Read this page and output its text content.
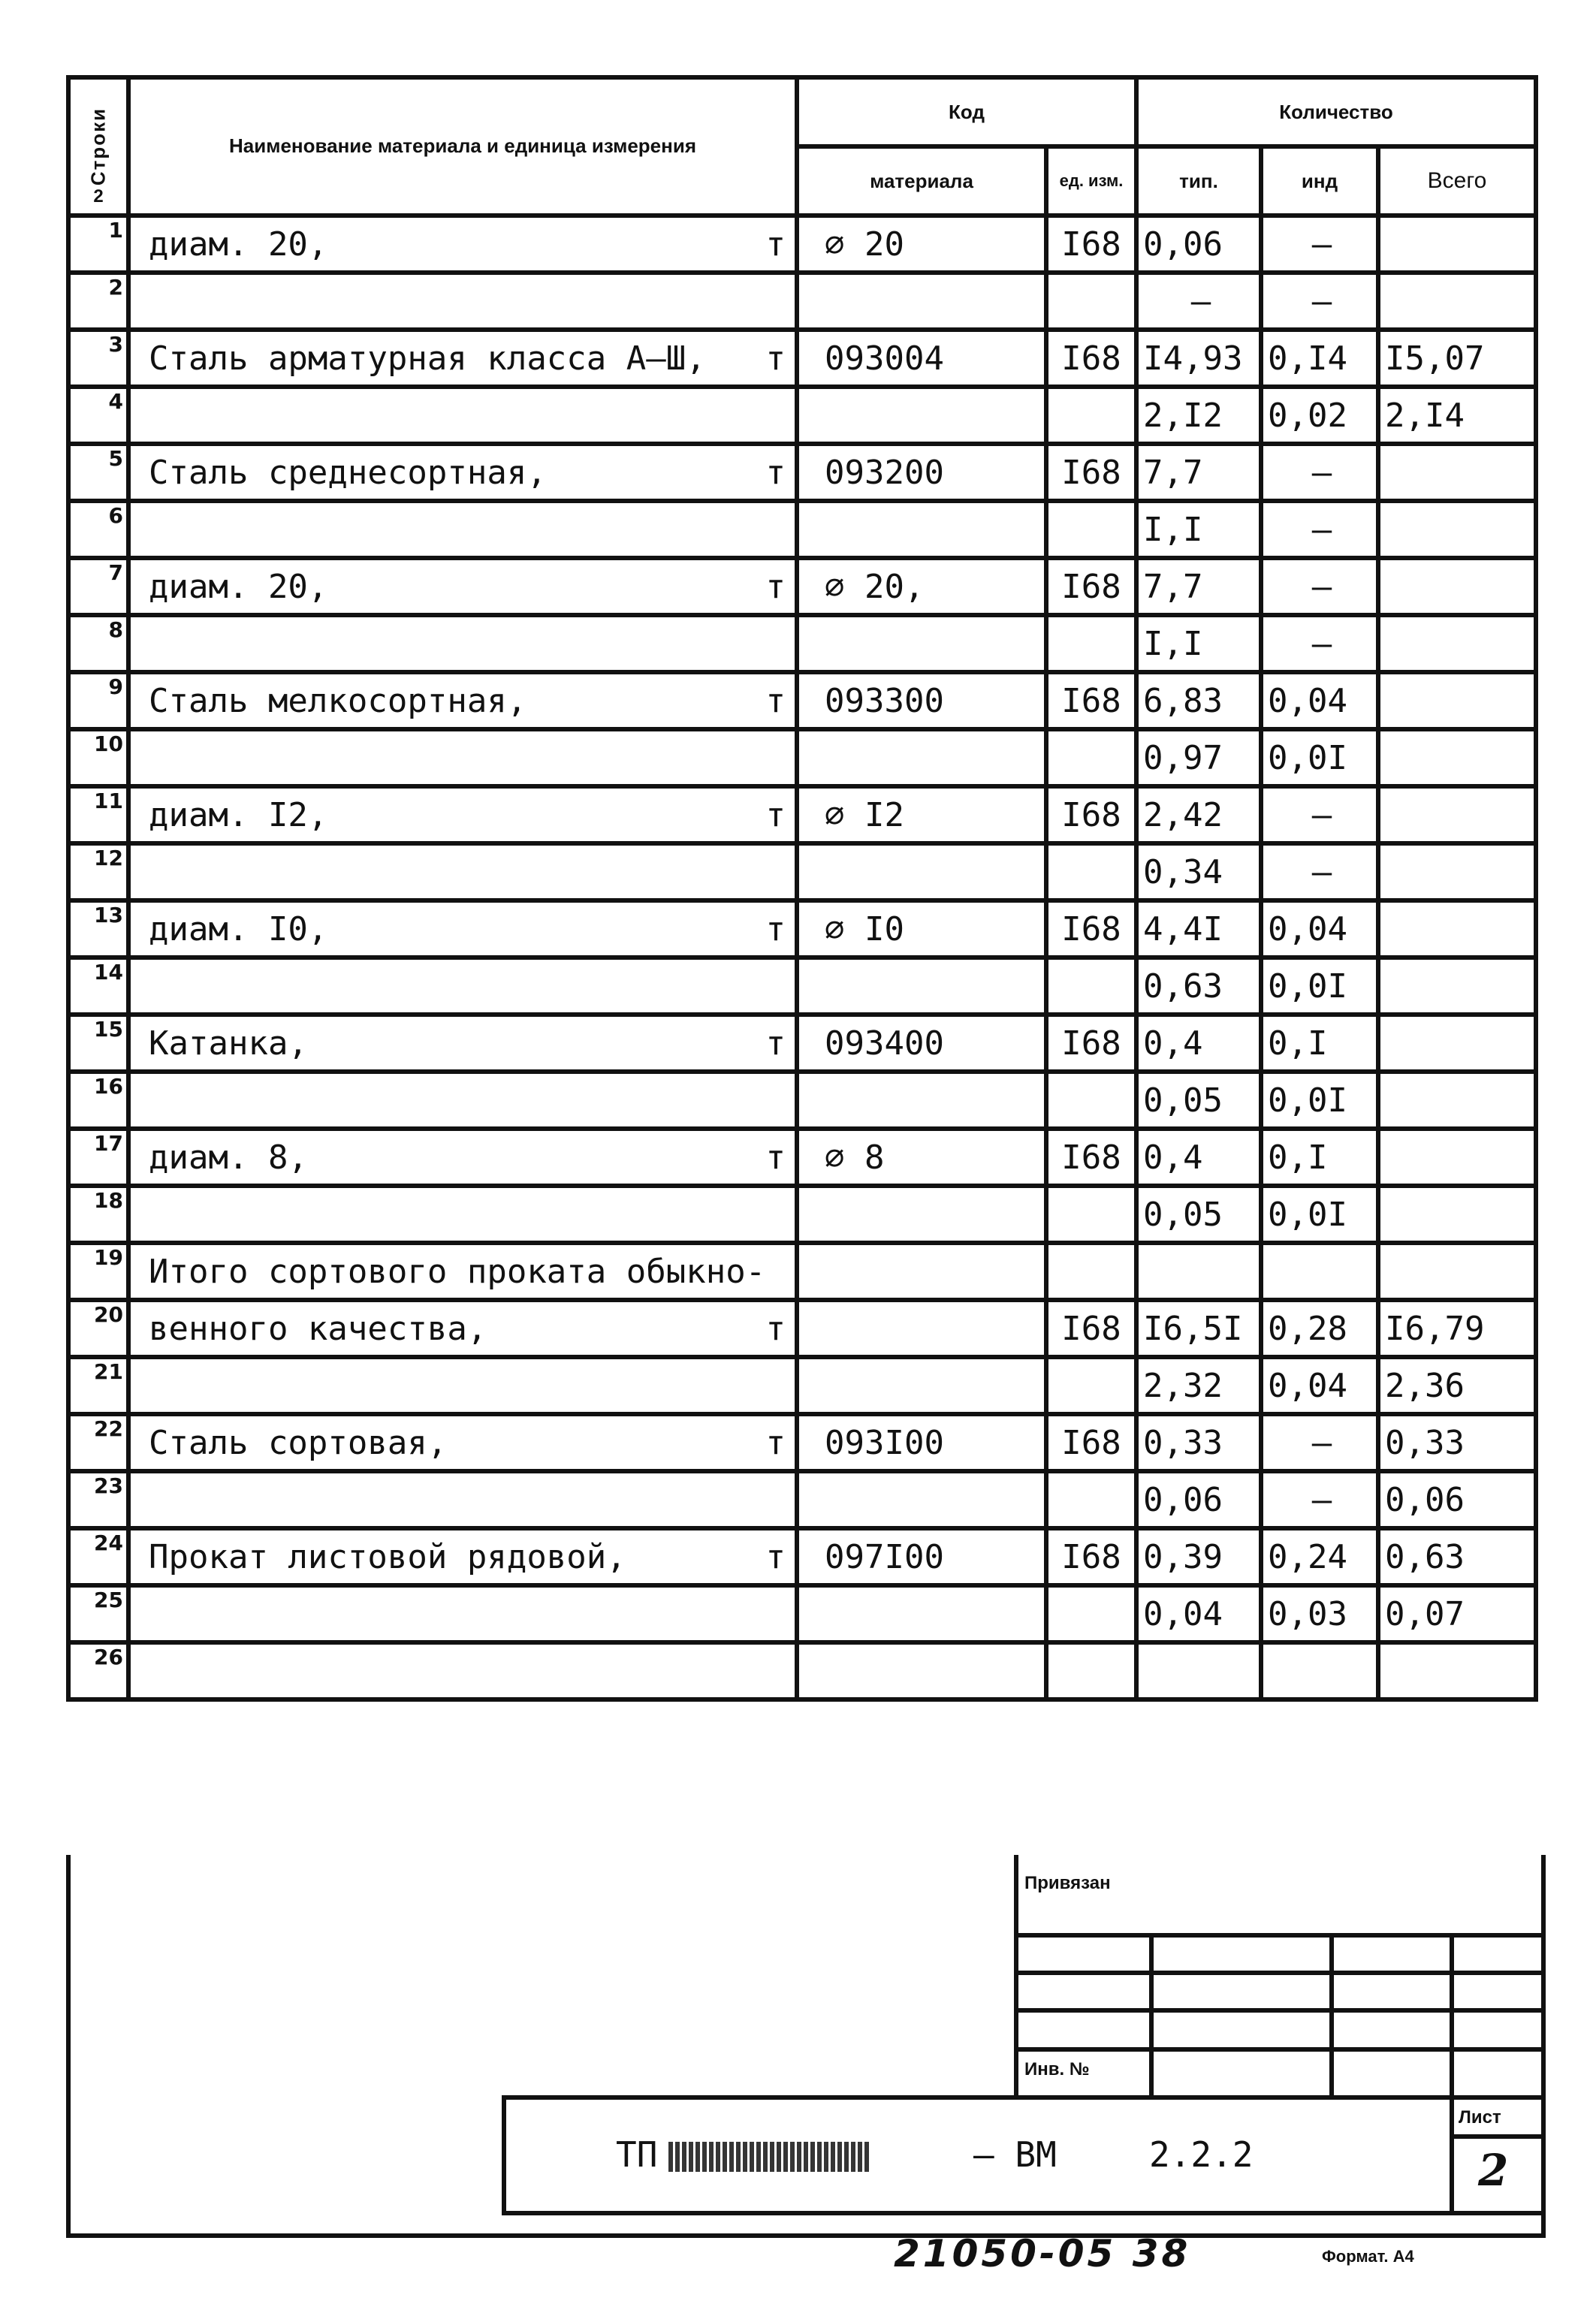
Строки
2	Наименование материала и единица измерения	Код		Количество		
		материала	ед. изм.	тип.	инд	Всего
1	диам. 20, т	∅ 20	I68	0,06	–	
2				–	–	
3	Сталь арматурная класса А–Ш, т	093004	I68	I4,93	0,I4	I5,07
4				2,I2	0,02	2,I4
5	Сталь среднесортная, т	093200	I68	7,7	–	
6				I,I	–	
7	диам. 20, т	∅ 20,	I68	7,7	–	
8				I,I	–	
9	Сталь мелкосортная, т	093300	I68	6,83	0,04	
10				0,97	0,0I	
11	диам. I2, т	∅ I2	I68	2,42	–	
12				0,34	–	
13	диам. I0, т	∅ I0	I68	4,4I	0,04	
14				0,63	0,0I	
15	Катанка, т	093400	I68	0,4	0,I	
16				0,05	0,0I	
17	диам. 8, т	∅ 8	I68	0,4	0,I	
18				0,05	0,0I	
19	Итого сортового проката обыкно-					

20	венного качества, т		I68	I6,5I	0,28	I6,79
21				2,32	0,04	2,36
22	Сталь сортовая, т	093I00	I68	0,33	–	0,33
23				0,06	–	0,06
24	Прокат листовой рядовой, т	097I00	I68	0,39	0,24	0,63
25				0,04	0,03	0,07
26	

Привязан
Инв. №
ТП	– ВМ	2.2.2
Лист
2
21050-05 38	Формат. А4
